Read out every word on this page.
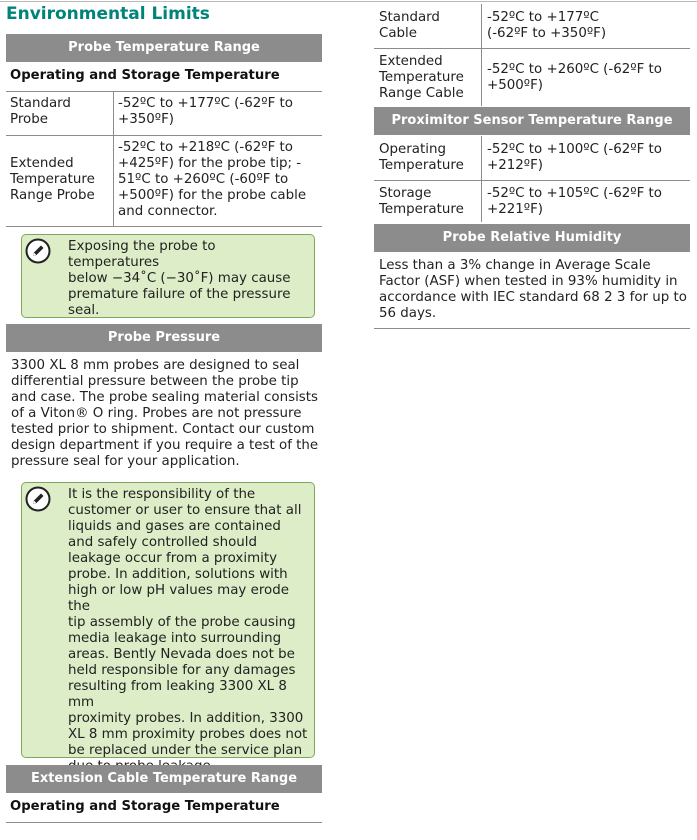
Environmental Limits
Probe Temperature Range
Operating and Storage Temperature
Standard
Probe
-52ºC to +177ºC (-62ºF to
+350ºF)
Extended
Temperature
Range Probe
-52ºC to +218ºC (-62ºF to
+425ºF) for the probe tip; -
51ºC to +260ºC (-60ºF to
+500ºF) for the probe cable
and connector.
Exposing the probe to temperatures
below −34˚C (−30˚F) may cause
premature failure of the pressure
seal.
Probe Pressure
3300 XL 8 mm probes are designed to seal
differential pressure between the probe tip
and case. The probe sealing material consists
of a Viton® O ring. Probes are not pressure
tested prior to shipment. Contact our custom
design department if you require a test of the
pressure seal for your application.
It is the responsibility of the
customer or user to ensure that all
liquids and gases are contained
and safely controlled should
leakage occur from a proximity
probe. In addition, solutions with
high or low pH values may erode the
tip assembly of the probe causing
media leakage into surrounding
areas. Bently Nevada does not be
held responsible for any damages
resulting from leaking 3300 XL 8 mm
proximity probes. In addition, 3300
XL 8 mm proximity probes does not
be replaced under the service plan

Extension Cable Temperature Range
Operating and Storage Temperature
Standard
Cable
-52ºC to +177ºC
(-62ºF to +350ºF)
Extended
Temperature
Range Cable
-52ºC to +260ºC (-62ºF to
+500ºF)
Proximitor Sensor Temperature Range
Operating
Temperature
-52ºC to +100ºC (-62ºF to
+212ºF)
Storage
Temperature
-52ºC to +105ºC (-62ºF to
+221ºF)
Probe Relative Humidity
Less than a 3% change in Average Scale
Factor (ASF) when tested in 93% humidity in
accordance with IEC standard 68 2 3 for up to
56 days.
